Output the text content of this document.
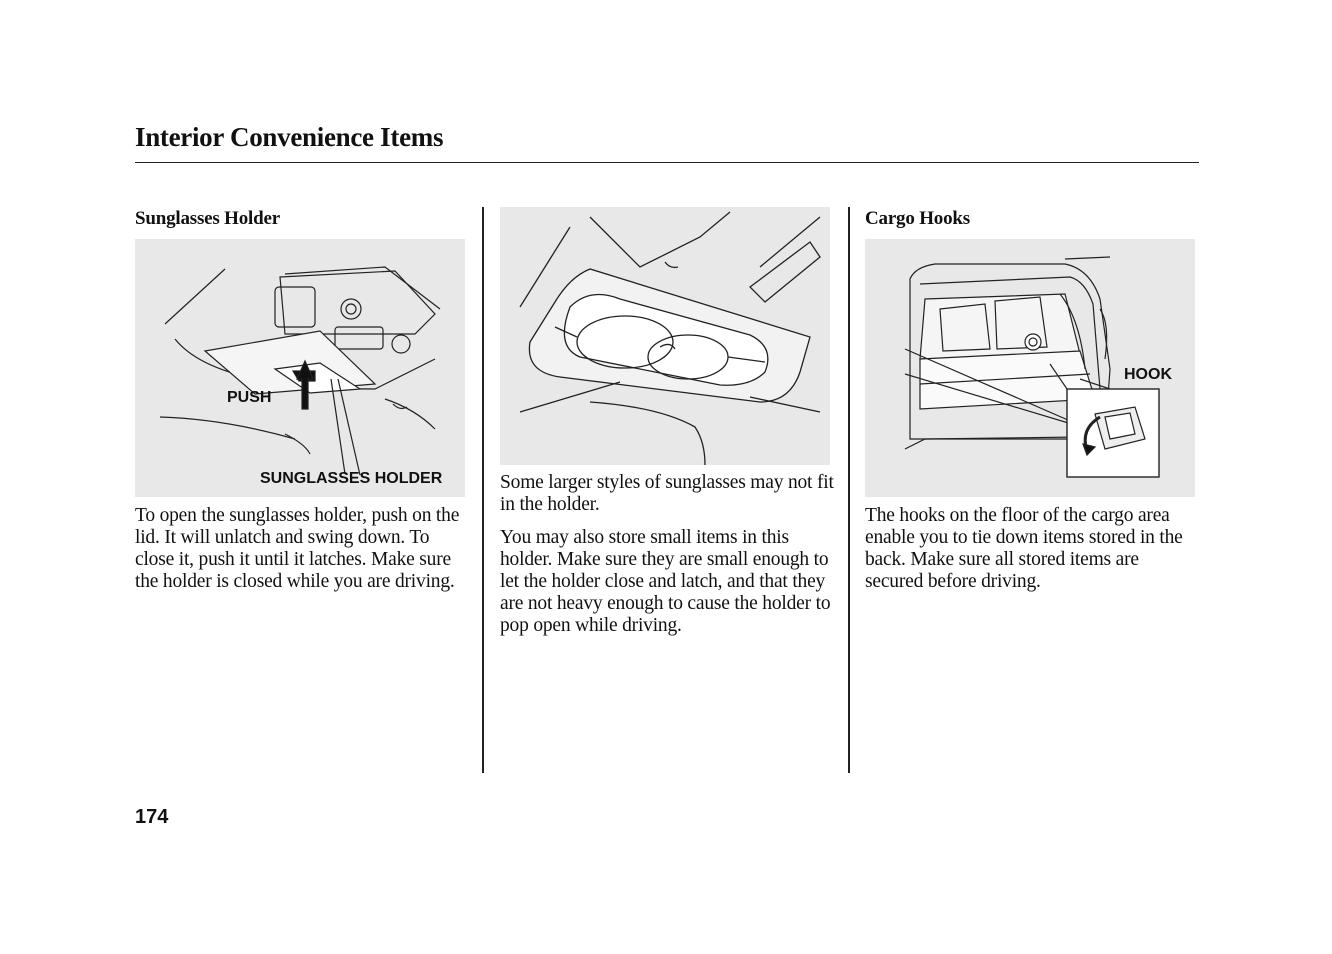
Interior Convenience Items
Sunglasses Holder
PUSH
SUNGLASSES HOLDER

To open the sunglasses holder, push on the lid. It will unlatch and swing down. To close it, push it until it latches. Make sure the holder is closed while you are driving.

Some larger styles of sunglasses may not fit in the holder.

You may also store small items in this holder. Make sure they are small enough to let the holder close and latch, and that they are not heavy enough to cause the holder to pop open while driving.

Cargo Hooks
HOOK

The hooks on the floor of the cargo area enable you to tie down items stored in the back. Make sure all stored items are secured before driving.

174
